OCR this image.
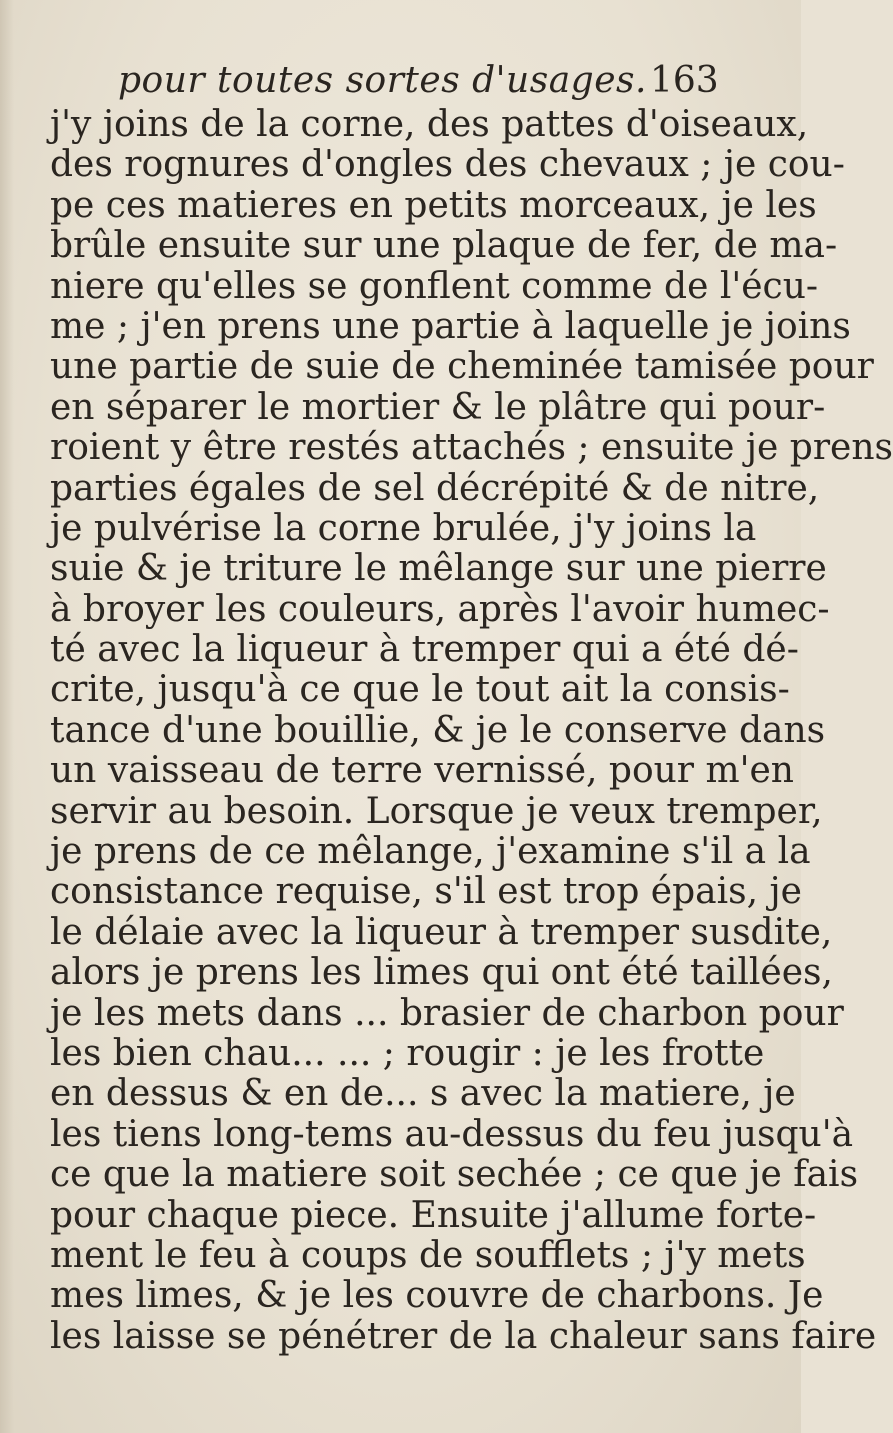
pour toutes sortes d'usages. 163
j'y joins de la corne, des pattes d'oiseaux,
des rognures d'ongles des chevaux ; je cou-
pe ces matieres en petits morceaux, je les
brûle ensuite sur une plaque de fer, de ma-
niere qu'elles se gonflent comme de l'écu-
me ; j'en prens une partie à laquelle je joins
une partie de suie de cheminée tamisée pour
en séparer le mortier & le plâtre qui pour-
roient y être restés attachés ; ensuite je prens
parties égales de sel décrépité & de nitre,
je pulvérise la corne brulée, j'y joins la
suie & je triture le mêlange sur une pierre
à broyer les couleurs, après l'avoir humec-
té avec la liqueur à tremper qui a été dé-
crite, jusqu'à ce que le tout ait la consis-
tance d'une bouillie, & je le conserve dans
un vaisseau de terre vernissé, pour m'en
servir au besoin. Lorsque je veux tremper,
je prens de ce mêlange, j'examine s'il a la
consistance requise, s'il est trop épais, je
le délaie avec la liqueur à tremper susdite,
alors je prens les limes qui ont été taillées,
je les mets dans ... brasier de charbon pour
les bien chau... ... ; rougir : je les frotte
en dessus & en de... s avec la matiere, je
les tiens long-tems au-dessus du feu jusqu'à
ce que la matiere soit sechée ; ce que je fais
pour chaque piece. Ensuite j'allume forte-
ment le feu à coups de soufflets ; j'y mets
mes limes, & je les couvre de charbons. Je
les laisse se pénétrer de la chaleur sans faire
